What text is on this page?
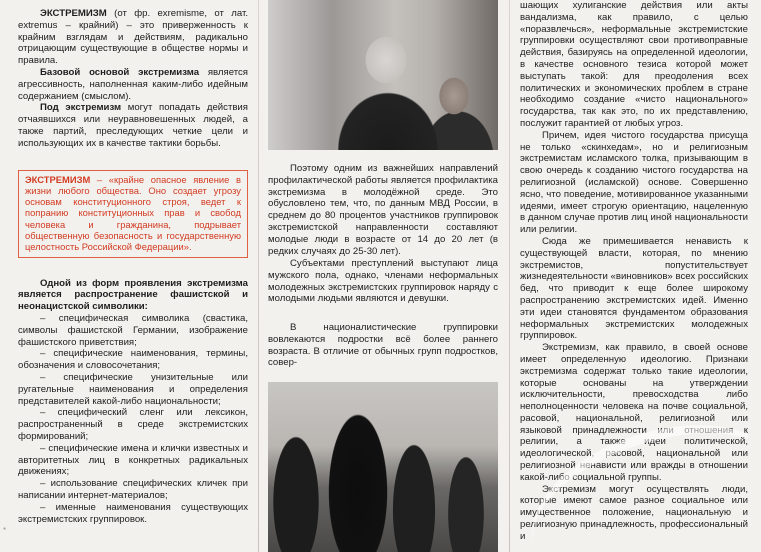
ЭКСТРЕМИЗМ (от фр. exremisme, от лат. extremus – крайний) – это приверженность к крайним взглядам и действиям, радикально отрицающим существующие в обществе нормы и правила.

Базовой основой экстремизма является агрессивность, наполненная каким-либо идейным содержанием (смыслом).

Под экстремизм могут попадать действия отчаявшихся или неуравновешенных людей, а также партий, преследующих четкие цели и использующих их в качестве тактики борьбы.

ЭКСТРЕМИЗМ – «крайне опасное явление в жизни любого общества. Оно создает угрозу основам конституционного строя, ведет к попранию конституционных прав и свобод человека и гражданина, подрывает общественную безопасность и государственную целостность Российской Федерации».

Одной из форм проявления экстремизма является распространение фашистской и неонацистской символики:

– специфическая символика (свастика, символы фашистской Германии, изображение фашистского приветствия;

– специфические наименования, термины, обозначения и словосочетания;

– специфические унизительные или ругательные наименования и определения представителей какой-либо национальности;

– специфический сленг или лексикон, распространенный в среде экстремистских формирований;

– специфические имена и клички известных и авторитетных лиц в конкретных радикальных движениях;

– использование специфических кличек при написании интернет-материалов;

– именные наименования существующих экстремистских группировок.

Поэтому одним из важнейших направлений профилактической работы является профилактика экстремизма в молодёжной среде. Это обусловлено тем, что, по данным МВД России, в среднем до 80 процентов участников группировок экстремистской направленности составляют молодые люди в возрасте от 14 до 20 лет (в редких случаях до 25-30 лет).

Субъектами преступлений выступают лица мужского пола, однако, членами неформальных молодежных экстремистских группировок наряду с молодыми людьми являются и девушки.

В националистические группировки вовлекаются подростки всё более раннего возраста. В отличие от обычных групп подростков, совер-

шающих хулиганские действия или акты вандализма, как правило, с целью «поразвлечься», неформальные экстремистские группировки осуществляют свои противоправные действия, базируясь на определенной идеологии, в качестве основного тезиса которой может выступать такой: для преодоления всех политических и экономических проблем в стране необходимо создание «чисто национального» государства, так как это, по их представлению, послужит гарантией от любых угроз.

Причем, идея чистого государства присуща не только «скинхедам», но и религиозным экстремистам исламского толка, призывающим в свою очередь к созданию чистого государства на религиозной (исламской) основе. Совершенно ясно, что поведение, мотивированное указанными идеями, имеет строгую ориентацию, нацеленную в данном случае против лиц иной национальности или религии.

Сюда же примешивается ненависть к существующей власти, которая, по мнению экстремистов, попустительствует жизнедеятельности «виновников» всех российских бед, что приводит к еще более широкому распространению экстремистских идей. Именно эти идеи становятся фундаментом образования неформальных экстремистских молодежных группировок.

Экстремизм, как правило, в своей основе имеет определенную идеологию. Признаки экстремизма содержат только такие идеологии, которые основаны на утверждении исключительности, превосходства либо неполноценности человека на почве социальной, расовой, национальной, религиозной или языковой принадлежности или отношения к религии, а также идеи политической, идеологической, расовой, национальной или религиозной ненависти или вражды в отношении какой-либо социальной группы.

Экстремизм могут осуществлять люди, которые имеют самое разное социальное или имущественное положение, национальную и религиозную принадлежность, профессиональный и

*
